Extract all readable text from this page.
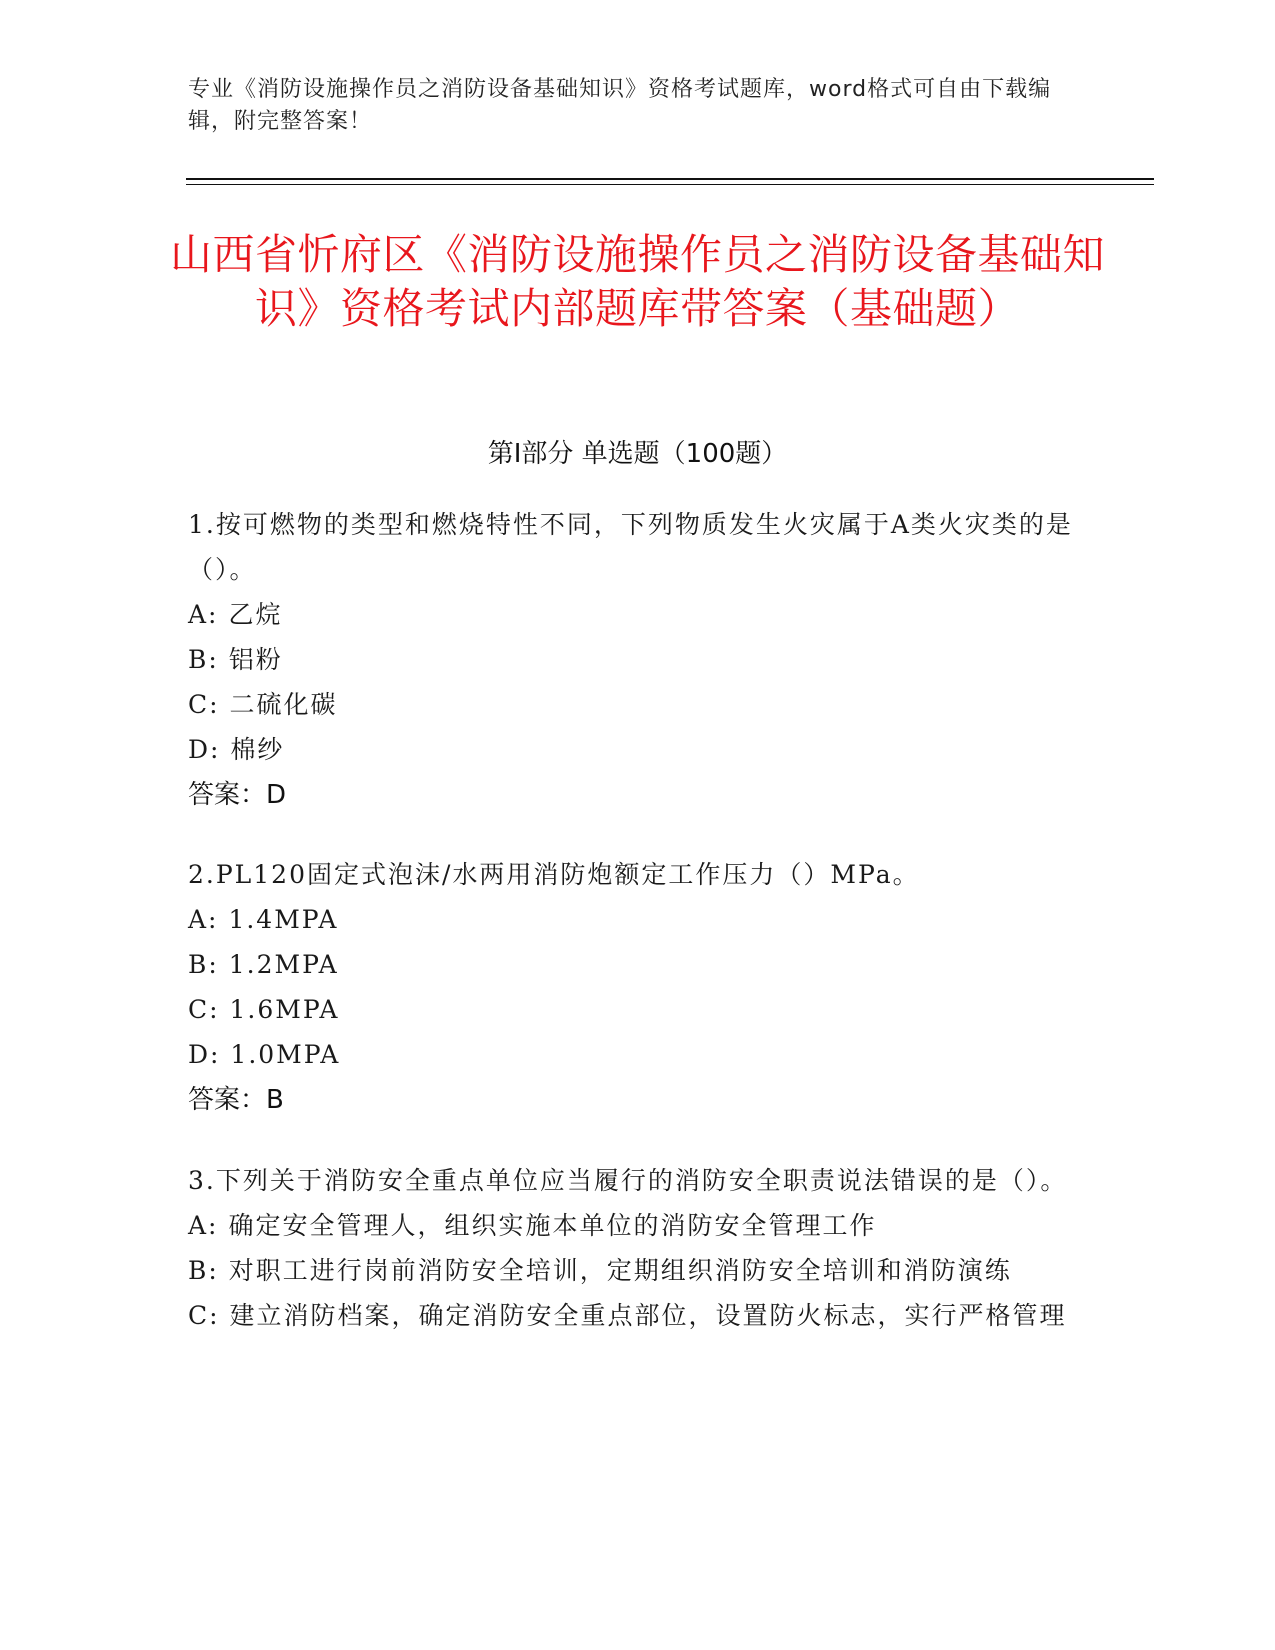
专业《消防设施操作员之消防设备基础知识》资格考试题库，word格式可自由下载编辑，附完整答案！
山西省忻府区《消防设施操作员之消防设备基础知识》资格考试内部题库带答案（基础题）
第I部分 单选题（100题）
1.按可燃物的类型和燃烧特性不同，下列物质发生火灾属于A类火灾类的是（）。
A: 乙烷
B: 铝粉
C: 二硫化碳
D: 棉纱
答案：D
2.PL120固定式泡沫/水两用消防炮额定工作压力（）MPa。
A: 1.4MPA
B: 1.2MPA
C: 1.6MPA
D: 1.0MPA
答案：B
3.下列关于消防安全重点单位应当履行的消防安全职责说法错误的是（）。
A: 确定安全管理人，组织实施本单位的消防安全管理工作
B: 对职工进行岗前消防安全培训，定期组织消防安全培训和消防演练
C: 建立消防档案，确定消防安全重点部位，设置防火标志，实行严格管理
